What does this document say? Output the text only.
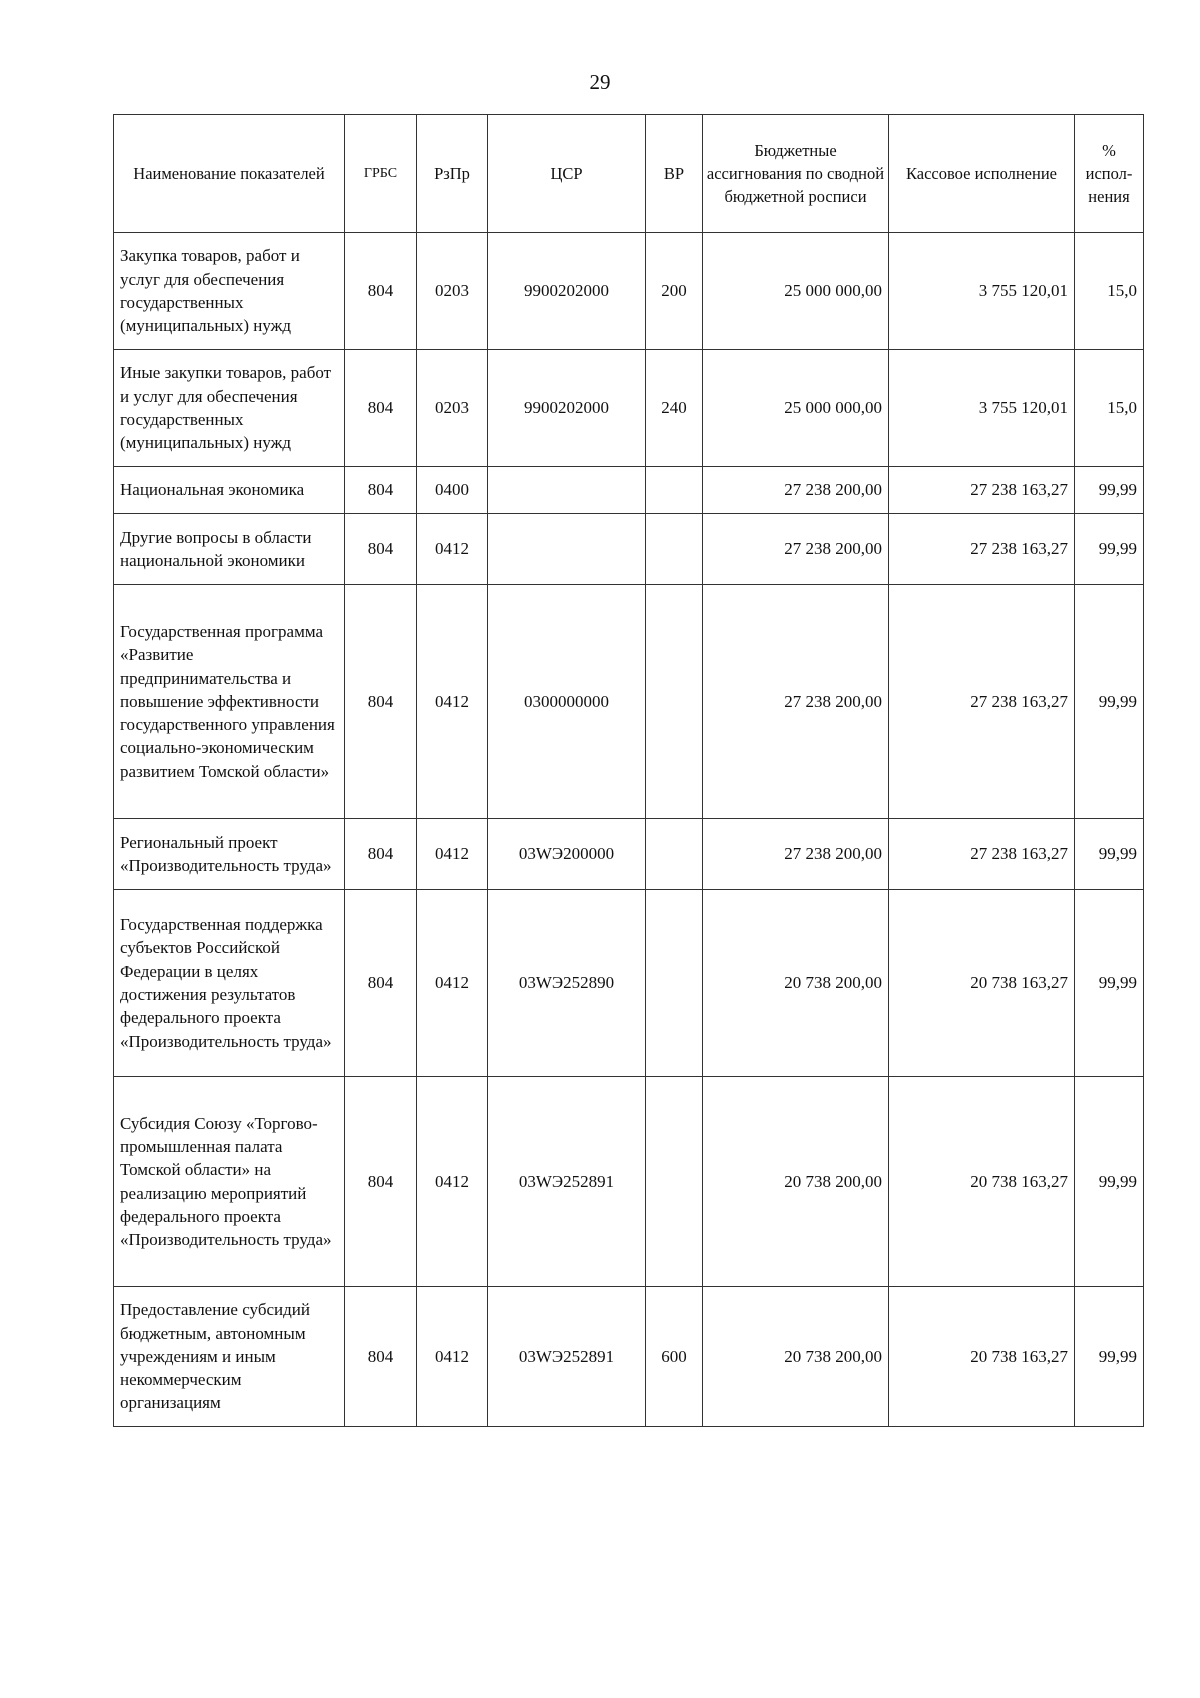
29
Наименование показателей	ГРБС	РзПр	ЦСР	ВР	Бюджетные ассигнования по сводной бюджетной росписи	Кассовое исполнение	% испол-нения
Закупка товаров, работ и услуг для обеспечения государственных (муниципальных) нужд	804	0203	9900202000	200	25 000 000,00	3 755 120,01	15,0
Иные закупки товаров, работ и услуг для обеспечения государственных (муниципальных) нужд	804	0203	9900202000	240	25 000 000,00	3 755 120,01	15,0
Национальная экономика	804	0400			27 238 200,00	27 238 163,27	99,99
Другие вопросы в области национальной экономики	804	0412			27 238 200,00	27 238 163,27	99,99
Государственная программа «Развитие предпринимательства и повышение эффективности государственного управления социально-экономическим развитием Томской области»	804	0412	0300000000		27 238 200,00	27 238 163,27	99,99
Региональный проект «Производительность труда»	804	0412	03WЭ200000		27 238 200,00	27 238 163,27	99,99
Государственная поддержка субъектов Российской Федерации в целях достижения результатов федерального проекта «Производительность труда»	804	0412	03WЭ252890		20 738 200,00	20 738 163,27	99,99
Субсидия Союзу «Торгово-промышленная палата Томской области» на реализацию мероприятий федерального проекта «Производительность труда»	804	0412	03WЭ252891		20 738 200,00	20 738 163,27	99,99
Предоставление субсидий бюджетным, автономным учреждениям и иным некоммерческим организациям	804	0412	03WЭ252891	600	20 738 200,00	20 738 163,27	99,99
